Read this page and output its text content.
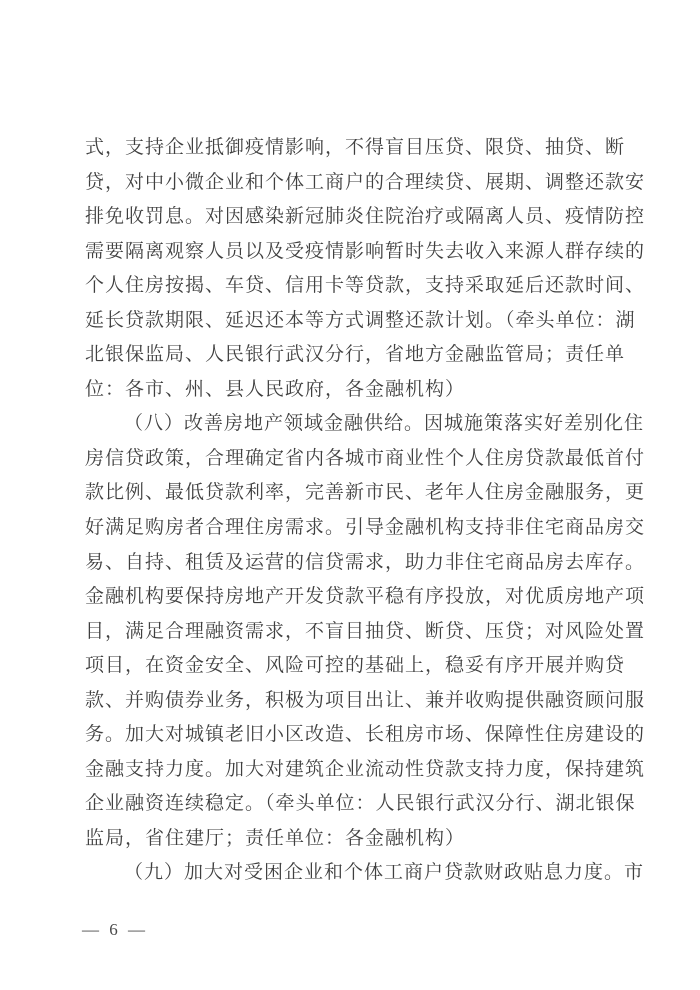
式，支持企业抵御疫情影响，不得盲目压贷、限贷、抽贷、断
贷，对中小微企业和个体工商户的合理续贷、展期、调整还款安
排免收罚息。对因感染新冠肺炎住院治疗或隔离人员、疫情防控
需要隔离观察人员以及受疫情影响暂时失去收入来源人群存续的
个人住房按揭、车贷、信用卡等贷款，支持采取延后还款时间、
延长贷款期限、延迟还本等方式调整还款计划。（牵头单位：湖
北银保监局、人民银行武汉分行，省地方金融监管局；责任单
位：各市、州、县人民政府，各金融机构）
（八）改善房地产领域金融供给。因城施策落实好差别化住
房信贷政策，合理确定省内各城市商业性个人住房贷款最低首付
款比例、最低贷款利率，完善新市民、老年人住房金融服务，更
好满足购房者合理住房需求。引导金融机构支持非住宅商品房交
易、自持、租赁及运营的信贷需求，助力非住宅商品房去库存。
金融机构要保持房地产开发贷款平稳有序投放，对优质房地产项
目，满足合理融资需求，不盲目抽贷、断贷、压贷；对风险处置
项目，在资金安全、风险可控的基础上，稳妥有序开展并购贷
款、并购债券业务，积极为项目出让、兼并收购提供融资顾问服
务。加大对城镇老旧小区改造、长租房市场、保障性住房建设的
金融支持力度。加大对建筑企业流动性贷款支持力度，保持建筑
企业融资连续稳定。（牵头单位：人民银行武汉分行、湖北银保
监局，省住建厅；责任单位：各金融机构）
（九）加大对受困企业和个体工商户贷款财政贴息力度。市
— 6 —
